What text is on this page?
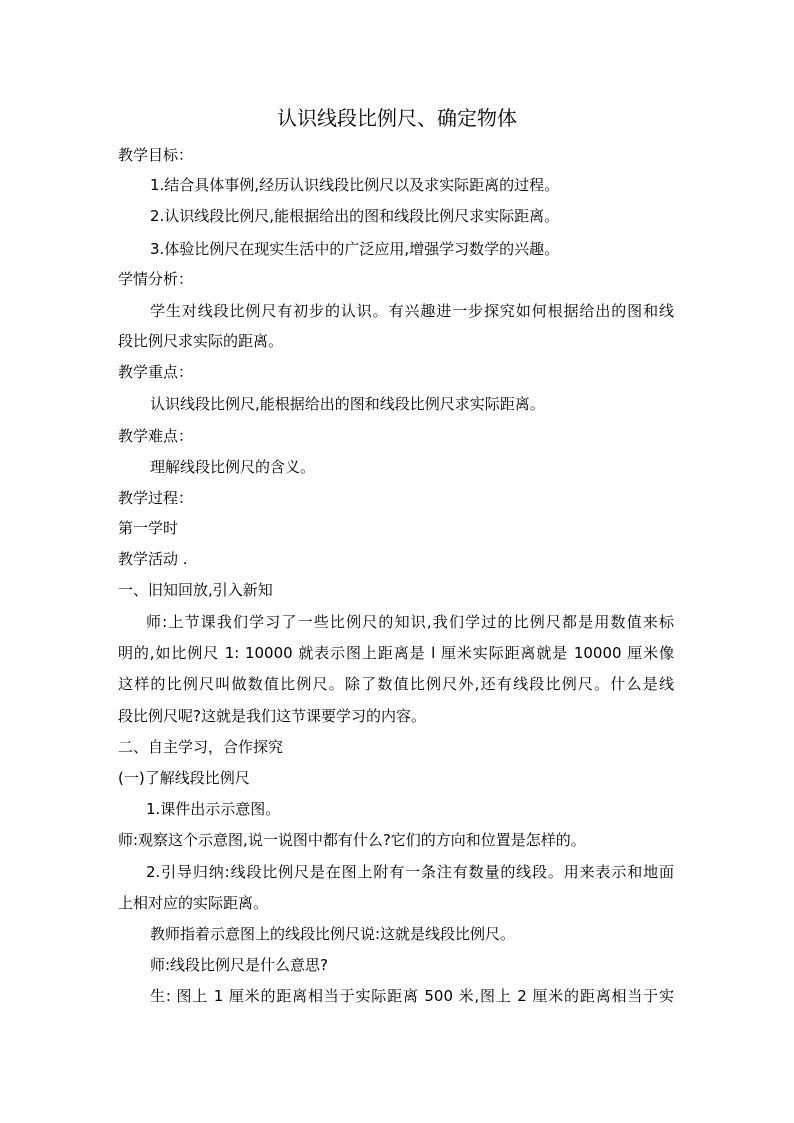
认识线段比例尺、确定物体
教学目标：
1.结合具体事例,经历认识线段比例尺以及求实际距离的过程。
2.认识线段比例尺,能根据给出的图和线段比例尺求实际距离。
3.体验比例尺在现实生活中的广泛应用,增强学习数学的兴趣。
学情分析：
学生对线段比例尺有初步的认识。有兴趣进一步探究如何根据给出的图和线
段比例尺求实际的距离。
教学重点：
认识线段比例尺,能根据给出的图和线段比例尺求实际距离。
教学难点：
理解线段比例尺的含义。
教学过程：
第一学时
教学活动 .
一、旧知回放,引入新知
师:上节课我们学习了一些比例尺的知识,我们学过的比例尺都是用数值来标
明的,如比例尺 1: 10000 就表示图上距离是 l 厘米实际距离就是 10000 厘米像
这样的比例尺叫做数值比例尺。除了数值比例尺外,还有线段比例尺。什么是线
段比例尺呢?这就是我们这节课要学习的内容。
二、自主学习，合作探究
(一)了解线段比例尺
1.课件出示示意图。
师:观察这个示意图,说一说图中都有什么?它们的方向和位置是怎样的。
2.引导归纳:线段比例尺是在图上附有一条注有数量的线段。用来表示和地面
上相对应的实际距离。
教师指着示意图上的线段比例尺说:这就是线段比例尺。
师:线段比例尺是什么意思?
生: 图上 1 厘米的距离相当于实际距离 500 米,图上 2 厘米的距离相当于实
